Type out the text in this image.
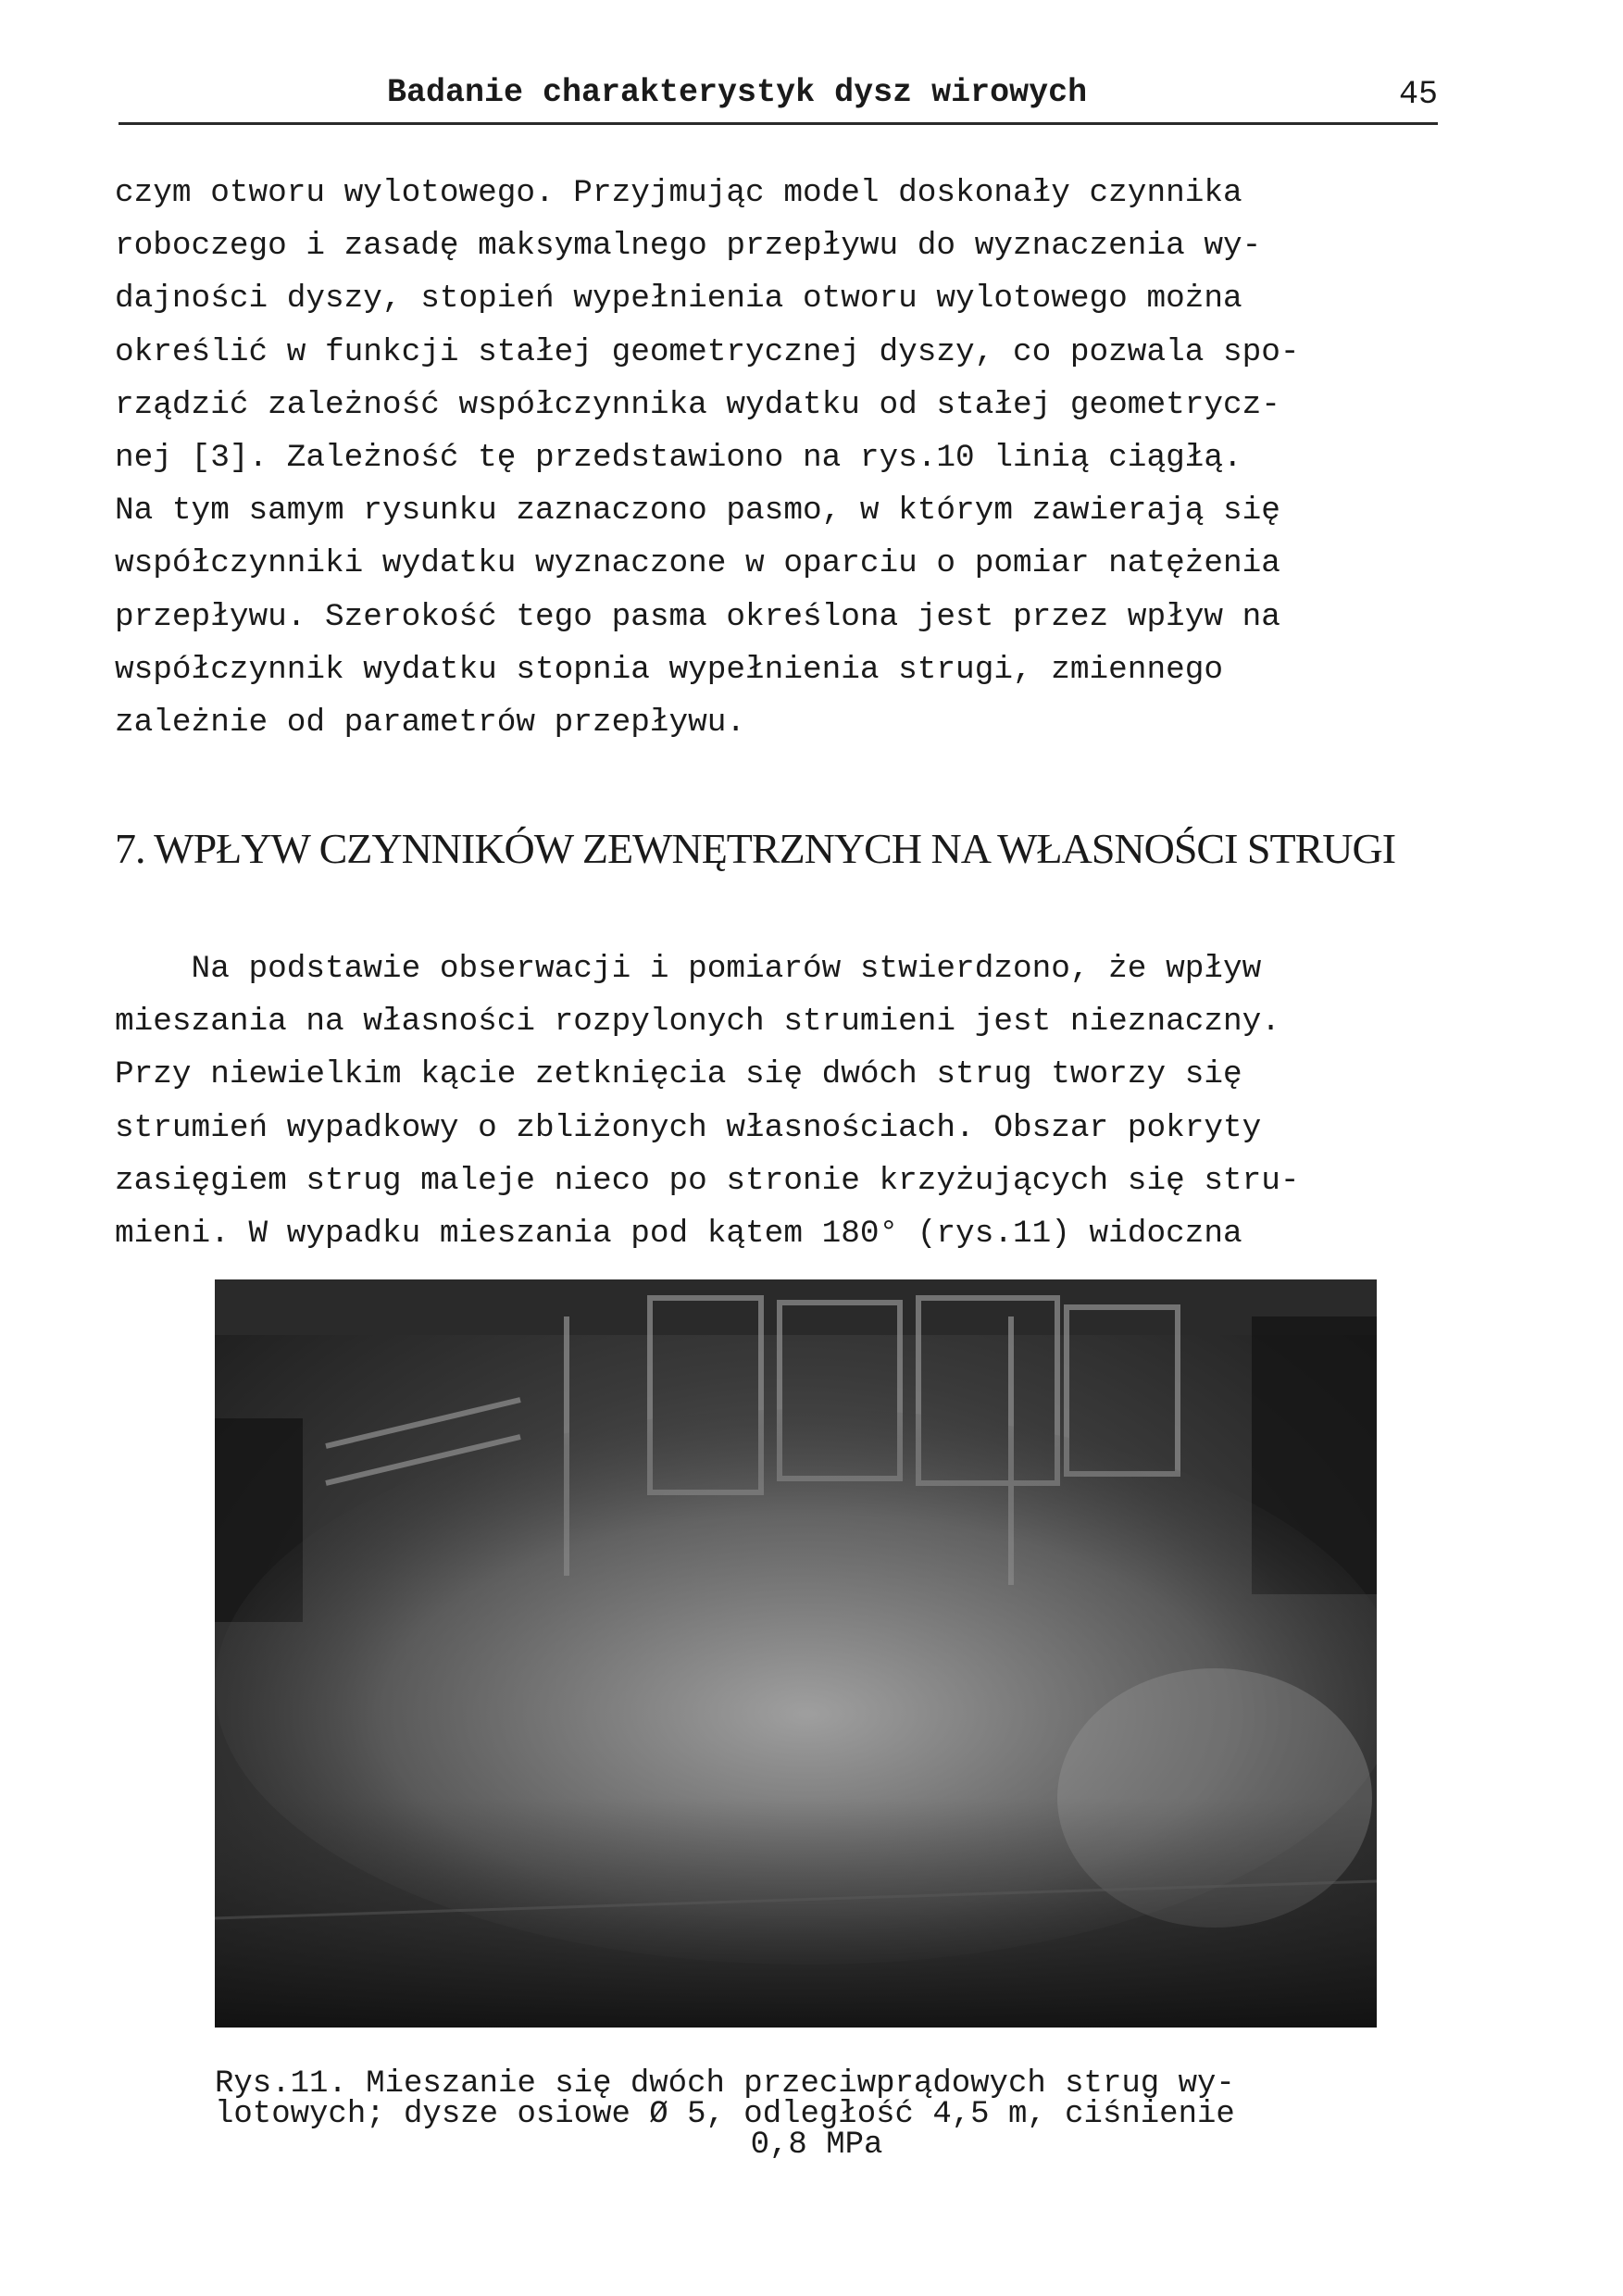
Badanie charakterystyk dysz wirowych	45
czym otworu wylotowego. Przyjmując model doskonały czynnika
roboczego i zasadę maksymalnego przepływu do wyznaczenia wy-
dajności dyszy, stopień wypełnienia otworu wylotowego można
określić w funkcji stałej geometrycznej dyszy, co pozwala spo-
rządzić zależność współczynnika wydatku od stałej geometrycz-
nej [3]. Zależność tę przedstawiono na rys.10 linią ciągłą.
Na tym samym rysunku zaznaczono pasmo, w którym zawierają się
współczynniki wydatku wyznaczone w oparciu o pomiar natężenia
przepływu. Szerokość tego pasma określona jest przez wpływ na
współczynnik wydatku stopnia wypełnienia strugi, zmiennego
zależnie od parametrów przepływu.
7. WPŁYW CZYNNIKÓW ZEWNĘTRZNYCH NA WŁASNOŚCI STRUGI
Na podstawie obserwacji i pomiarów stwierdzono, że wpływ
mieszania na własności rozpylonych strumieni jest nieznaczny.
Przy niewielkim kącie zetknięcia się dwóch strug tworzy się
strumień wypadkowy o zbliżonych własnościach. Obszar pokryty
zasięgiem strug maleje nieco po stronie krzyżujących się stru-
mieni. W wypadku mieszania pod kątem 180° (rys.11) widoczna
Rys.11. Mieszanie się dwóch przeciwprądowych strug wy-
lotowych; dysze osiowe Ø 5, odległość 4,5 m, ciśnienie
0,8 MPa
